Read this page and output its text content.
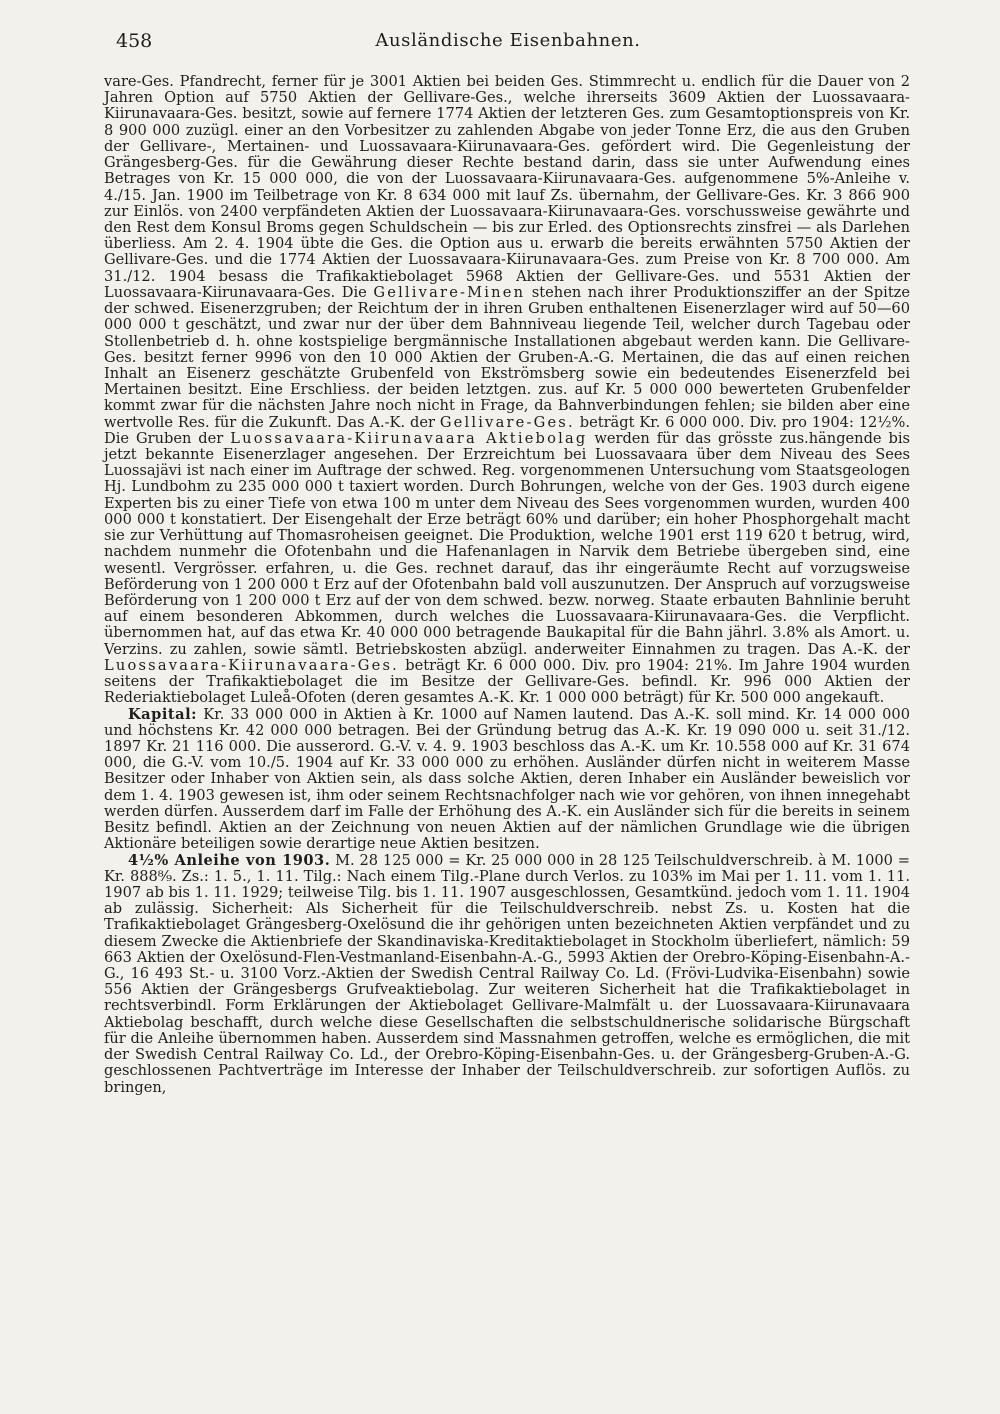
458	Ausländische Eisenbahnen.

vare-Ges. Pfandrecht, ferner für je 3001 Aktien bei beiden Ges. Stimmrecht u. endlich für die Dauer von 2 Jahren Option auf 5750 Aktien der Gellivare-Ges., welche ihrerseits 3609 Aktien der Luossavaara-Kiirunavaara-Ges. besitzt, sowie auf fernere 1774 Aktien der letzteren Ges. zum Gesamtoptionspreis von Kr. 8 900 000 zuzügl. einer an den Vorbesitzer zu zahlenden Abgabe von jeder Tonne Erz, die aus den Gruben der Gellivare-, Mertainen- und Luossavaara-Kiirunavaara-Ges. gefördert wird. Die Gegenleistung der Grängesberg-Ges. für die Gewährung dieser Rechte bestand darin, dass sie unter Aufwendung eines Betrages von Kr. 15 000 000, die von der Luossavaara-Kiirunavaara-Ges. aufgenommene 5%-Anleihe v. 4./15. Jan. 1900 im Teilbetrage von Kr. 8 634 000 mit lauf Zs. übernahm, der Gellivare-Ges. Kr. 3 866 900 zur Einlös. von 2400 verpfändeten Aktien der Luossavaara-Kiirunavaara-Ges. vorschussweise gewährte und den Rest dem Konsul Broms gegen Schuldschein — bis zur Erled. des Optionsrechts zinsfrei — als Darlehen überliess. Am 2. 4. 1904 übte die Ges. die Option aus u. erwarb die bereits erwähnten 5750 Aktien der Gellivare-Ges. und die 1774 Aktien der Luossavaara-Kiirunavaara-Ges. zum Preise von Kr. 8 700 000. Am 31./12. 1904 besass die Trafikaktiebolaget 5968 Aktien der Gellivare-Ges. und 5531 Aktien der Luossavaara-Kiirunavaara-Ges. Die Gellivare-Minen stehen nach ihrer Produktionsziffer an der Spitze der schwed. Eisenerzgruben; der Reichtum der in ihren Gruben enthaltenen Eisenerzlager wird auf 50—60 000 000 t geschätzt, und zwar nur der über dem Bahnniveau liegende Teil, welcher durch Tagebau oder Stollenbetrieb d. h. ohne kostspielige bergmännische Installationen abgebaut werden kann. Die Gellivare-Ges. besitzt ferner 9996 von den 10 000 Aktien der Gruben-A.-G. Mertainen, die das auf einen reichen Inhalt an Eisenerz geschätzte Grubenfeld von Ekströmsberg sowie ein bedeutendes Eisenerzfeld bei Mertainen besitzt. Eine Erschliess. der beiden letztgen. zus. auf Kr. 5 000 000 bewerteten Grubenfelder kommt zwar für die nächsten Jahre noch nicht in Frage, da Bahnverbindungen fehlen; sie bilden aber eine wertvolle Res. für die Zukunft. Das A.-K. der Gellivare-Ges. beträgt Kr. 6 000 000. Div. pro 1904: 12½%. Die Gruben der Luossavaara-Kiirunavaara Aktiebolag werden für das grösste zus.hängende bis jetzt bekannte Eisenerzlager angesehen. Der Erzreichtum bei Luossavaara über dem Niveau des Sees Luossajävi ist nach einer im Auftrage der schwed. Reg. vorgenommenen Untersuchung vom Staatsgeologen Hj. Lundbohm zu 235 000 000 t taxiert worden. Durch Bohrungen, welche von der Ges. 1903 durch eigene Experten bis zu einer Tiefe von etwa 100 m unter dem Niveau des Sees vorgenommen wurden, wurden 400 000 000 t konstatiert. Der Eisengehalt der Erze beträgt 60% und darüber; ein hoher Phosphorgehalt macht sie zur Verhüttung auf Thomasroheisen geeignet. Die Produktion, welche 1901 erst 119 620 t betrug, wird, nachdem nunmehr die Ofotenbahn und die Hafenanlagen in Narvik dem Betriebe übergeben sind, eine wesentl. Vergrösser. erfahren, u. die Ges. rechnet darauf, das ihr eingeräumte Recht auf vorzugsweise Beförderung von 1 200 000 t Erz auf der Ofotenbahn bald voll auszunutzen. Der Anspruch auf vorzugsweise Beförderung von 1 200 000 t Erz auf der von dem schwed. bezw. norweg. Staate erbauten Bahnlinie beruht auf einem besonderen Abkommen, durch welches die Luossavaara-Kiirunavaara-Ges. die Verpflicht. übernommen hat, auf das etwa Kr. 40 000 000 betragende Baukapital für die Bahn jährl. 3.8% als Amort. u. Verzins. zu zahlen, sowie sämtl. Betriebskosten abzügl. anderweiter Einnahmen zu tragen. Das A.-K. der Luossavaara-Kiirunavaara-Ges. beträgt Kr. 6 000 000. Div. pro 1904: 21%. Im Jahre 1904 wurden seitens der Trafikaktiebolaget die im Besitze der Gellivare-Ges. befindl. Kr. 996 000 Aktien der Rederiaktiebolaget Luleå-Ofoten (deren gesamtes A.-K. Kr. 1 000 000 beträgt) für Kr. 500 000 angekauft.

Kapital: Kr. 33 000 000 in Aktien à Kr. 1000 auf Namen lautend. Das A.-K. soll mind. Kr. 14 000 000 und höchstens Kr. 42 000 000 betragen. Bei der Gründung betrug das A.-K. Kr. 19 090 000 u. seit 31./12. 1897 Kr. 21 116 000. Die ausserord. G.-V. v. 4. 9. 1903 beschloss das A.-K. um Kr. 10.558 000 auf Kr. 31 674 000, die G.-V. vom 10./5. 1904 auf Kr. 33 000 000 zu erhöhen. Ausländer dürfen nicht in weiterem Masse Besitzer oder Inhaber von Aktien sein, als dass solche Aktien, deren Inhaber ein Ausländer beweislich vor dem 1. 4. 1903 gewesen ist, ihm oder seinem Rechtsnachfolger nach wie vor gehören, von ihnen innegehabt werden dürfen. Ausserdem darf im Falle der Erhöhung des A.-K. ein Ausländer sich für die bereits in seinem Besitz befindl. Aktien an der Zeichnung von neuen Aktien auf der nämlichen Grundlage wie die übrigen Aktionäre beteiligen sowie derartige neue Aktien besitzen.

4½% Anleihe von 1903. M. 28 125 000 = Kr. 25 000 000 in 28 125 Teilschuldverschreib. à M. 1000 = Kr. 888⁸⁄₉. Zs.: 1. 5., 1. 11. Tilg.: Nach einem Tilg.-Plane durch Verlos. zu 103% im Mai per 1. 11. vom 1. 11. 1907 ab bis 1. 11. 1929; teilweise Tilg. bis 1. 11. 1907 ausgeschlossen, Gesamtkünd. jedoch vom 1. 11. 1904 ab zulässig. Sicherheit: Als Sicherheit für die Teilschuldverschreib. nebst Zs. u. Kosten hat die Trafikaktiebolaget Grängesberg-Oxelösund die ihr gehörigen unten bezeichneten Aktien verpfändet und zu diesem Zwecke die Aktienbriefe der Skandinaviska-Kreditaktiebolaget in Stockholm überliefert, nämlich: 59 663 Aktien der Oxelösund-Flen-Vestmanland-Eisenbahn-A.-G., 5993 Aktien der Orebro-Köping-Eisenbahn-A.-G., 16 493 St.- u. 3100 Vorz.-Aktien der Swedish Central Railway Co. Ld. (Frövi-Ludvika-Eisenbahn) sowie 556 Aktien der Grängesbergs Grufveaktiebolag. Zur weiteren Sicherheit hat die Trafikaktiebolaget in rechtsverbindl. Form Erklärungen der Aktiebolaget Gellivare-Malmfält u. der Luossavaara-Kiirunavaara Aktiebolag beschafft, durch welche diese Gesellschaften die selbstschuldnerische solidarische Bürgschaft für die Anleihe übernommen haben. Ausserdem sind Massnahmen getroffen, welche es ermöglichen, die mit der Swedish Central Railway Co. Ld., der Orebro-Köping-Eisenbahn-Ges. u. der Grängesberg-Gruben-A.-G. geschlossenen Pachtverträge im Interesse der Inhaber der Teilschuldverschreib. zur sofortigen Auflös. zu bringen,
